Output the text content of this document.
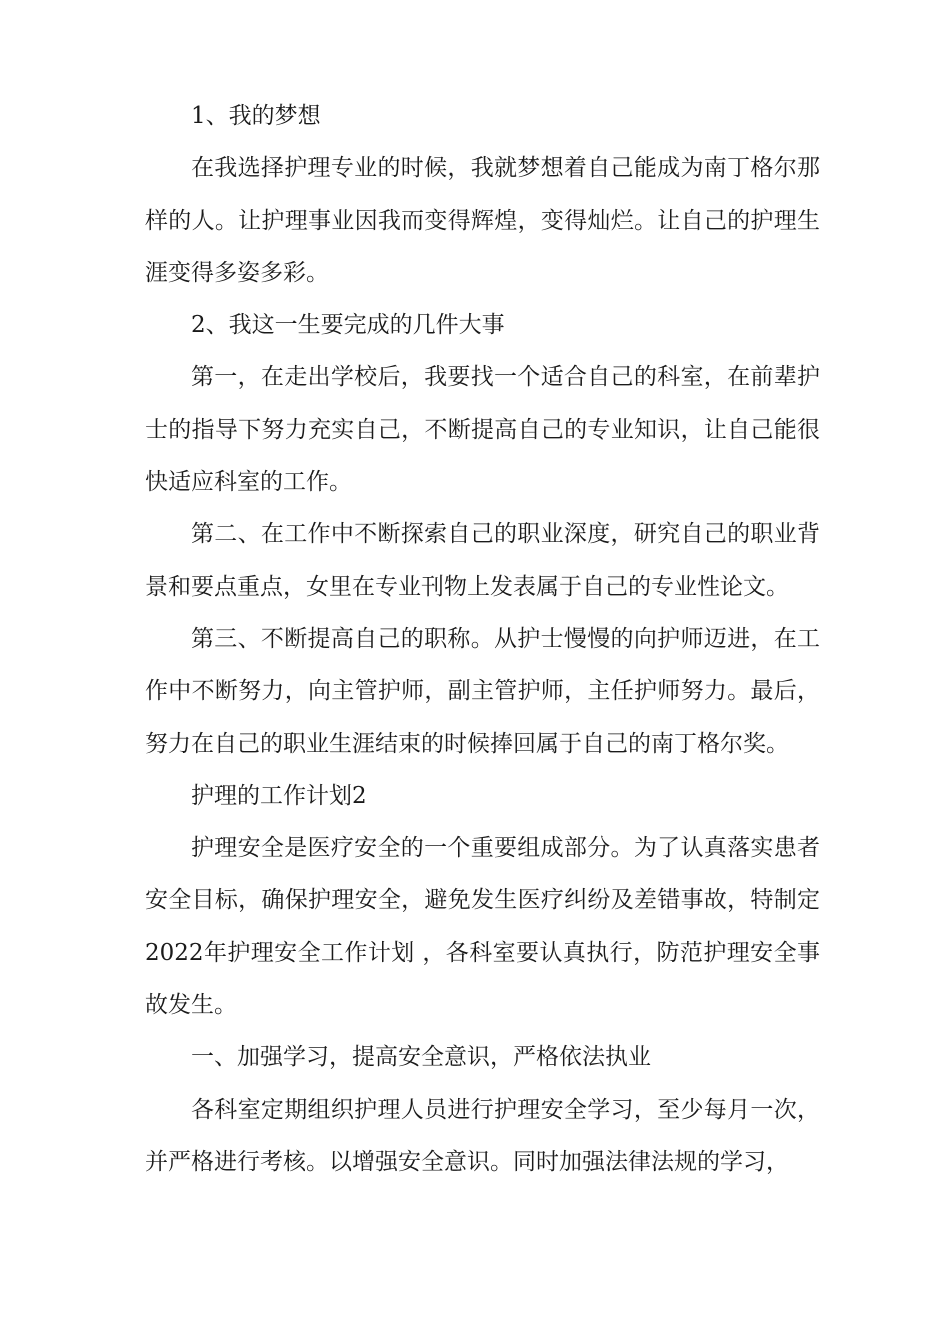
1、我的梦想

在我选择护理专业的时候，我就梦想着自己能成为南丁格尔那样的人。让护理事业因我而变得辉煌，变得灿烂。让自己的护理生涯变得多姿多彩。

2、我这一生要完成的几件大事

第一，在走出学校后，我要找一个适合自己的科室，在前辈护士的指导下努力充实自己，不断提高自己的专业知识，让自己能很快适应科室的工作。

第二、在工作中不断探索自己的职业深度，研究自己的职业背景和要点重点，女里在专业刊物上发表属于自己的专业性论文。

第三、不断提高自己的职称。从护士慢慢的向护师迈进，在工作中不断努力，向主管护师，副主管护师，主任护师努力。最后，努力在自己的职业生涯结束的时候捧回属于自己的南丁格尔奖。

护理的工作计划2

护理安全是医疗安全的一个重要组成部分。为了认真落实患者安全目标，确保护理安全，避免发生医疗纠纷及差错事故，特制定2022年护理安全工作计划 ，各科室要认真执行，防范护理安全事故发生。

一、加强学习，提高安全意识，严格依法执业

各科室定期组织护理人员进行护理安全学习，至少每月一次，并严格进行考核。以增强安全意识。同时加强法律法规的学习，
